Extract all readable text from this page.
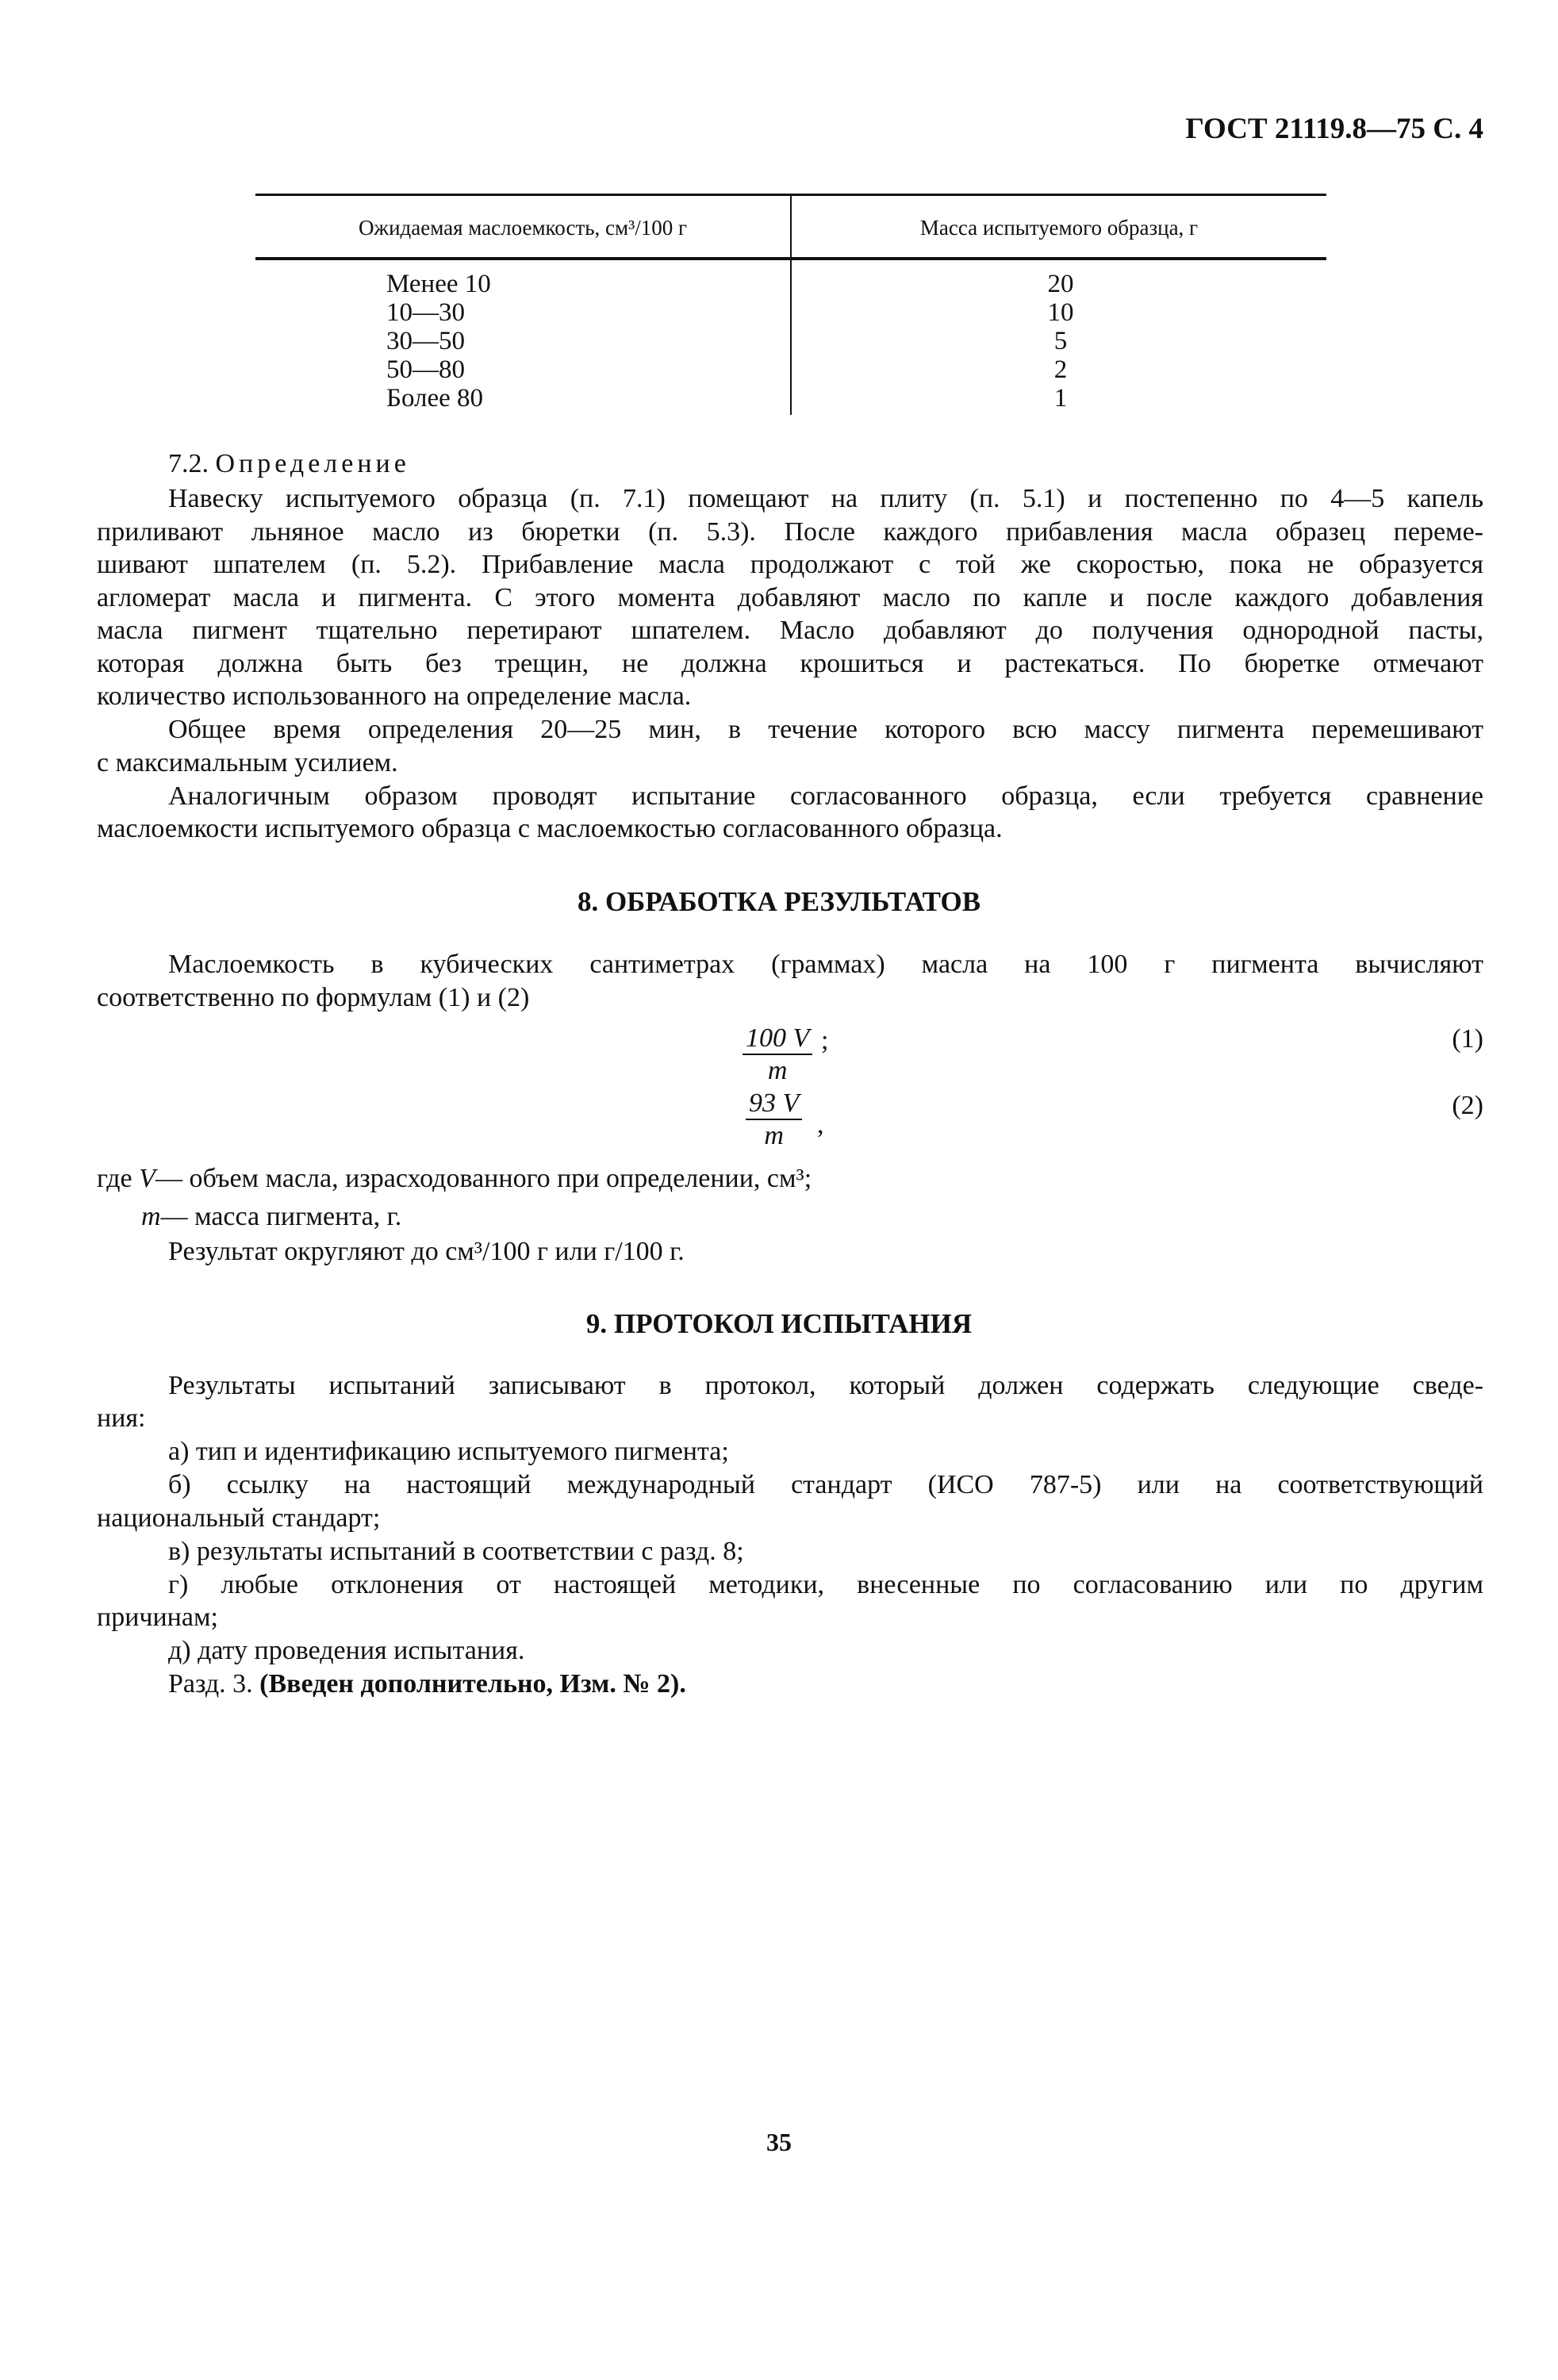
ГОСТ 21119.8—75 С. 4
Ожидаемая маслоемкость, см³/100 г	Масса испытуемого образца, г
Менее 10	20
10—30	10
30—50	5
50—80	2
Более 80	1
7.2. Определение
Навеску испытуемого образца (п. 7.1) помещают на плиту (п. 5.1) и постепенно по 4—5 капель
приливают льняное масло из бюретки (п. 5.3). После каждого прибавления масла образец переме-
шивают шпателем (п. 5.2). Прибавление масла продолжают с той же скоростью, пока не образуется
агломерат масла и пигмента. С этого момента добавляют масло по капле и после каждого добавления
масла пигмент тщательно перетирают шпателем. Масло добавляют до получения однородной пасты,
которая должна быть без трещин, не должна крошиться и растекаться. По бюретке отмечают
количество использованного на определение масла.
Общее время определения 20—25 мин, в течение которого всю массу пигмента перемешивают
с максимальным усилием.
Аналогичным образом проводят испытание согласованного образца, если требуется сравнение
маслоемкости испытуемого образца с маслоемкостью согласованного образца.
8. ОБРАБОТКА РЕЗУЛЬТАТОВ
Маслоемкость в кубических сантиметрах (граммах) масла на 100 г пигмента вычисляют
соответственно по формулам (1) и (2)
$\frac{100 V}{m}$ ;	(1)
$\frac{93 V}{m}$ ,
(2)
где V— объем масла, израсходованного при определении, см³;
m— масса пигмента, г.
Результат округляют до см³/100 г или г/100 г.
9. ПРОТОКОЛ ИСПЫТАНИЯ
Результаты испытаний записывают в протокол, который должен содержать следующие сведе-
ния:
а) тип и идентификацию испытуемого пигмента;
б) ссылку на настоящий международный стандарт (ИСО 787-5) или на соответствующий
национальный стандарт;
в) результаты испытаний в соответствии с разд. 8;
г) любые отклонения от настоящей методики, внесенные по согласованию или по другим
причинам;
д) дату проведения испытания.
Разд. 3. (Введен дополнительно, Изм. № 2).
35
